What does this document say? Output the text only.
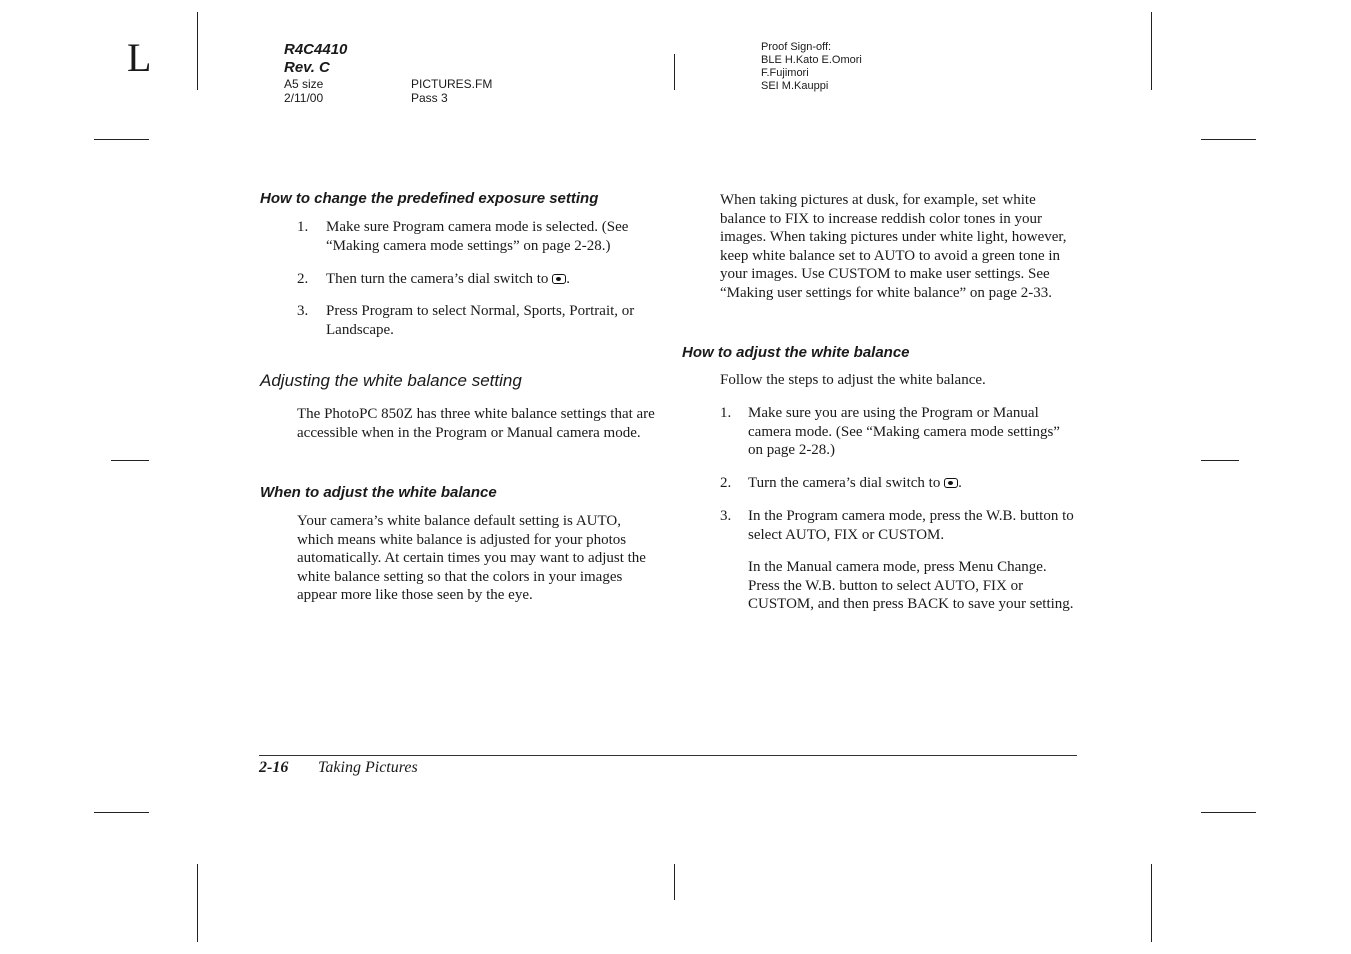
L	R4C4410
Rev. C
A5 size
2/11/00
PICTURES.FM
Pass 3
Proof Sign-off:
BLE H.Kato E.Omori
F.Fujimori
SEI M.Kauppi
How to change the predefined exposure setting
1. Make sure Program camera mode is selected. (See “Making camera mode settings” on page 2-28.)

2. Then turn the camera’s dial switch to .

3. Press Program to select Normal, Sports, Portrait, or Landscape.

Adjusting the white balance setting

The PhotoPC 850Z has three white balance settings that are accessible when in the Program or Manual camera mode.

When to adjust the white balance

Your camera’s white balance default setting is AUTO, which means white balance is adjusted for your photos automatically. At certain times you may want to adjust the white balance setting so that the colors in your images appear more like those seen by the eye.

When taking pictures at dusk, for example, set white balance to FIX to increase reddish color tones in your images. When taking pictures under white light, however, keep white balance set to AUTO to avoid a green tone in your images. Use CUSTOM to make user settings. See “Making user settings for white balance” on page 2-33.

How to adjust the white balance

Follow the steps to adjust the white balance.

1. Make sure you are using the Program or Manual camera mode. (See “Making camera mode settings” on page 2-28.)

2. Turn the camera’s dial switch to .

3. In the Program camera mode, press the W.B. button to select AUTO, FIX or CUSTOM.

In the Manual camera mode, press Menu Change. Press the W.B. button to select AUTO, FIX or CUSTOM, and then press BACK to save your setting.

2-16 Taking Pictures
